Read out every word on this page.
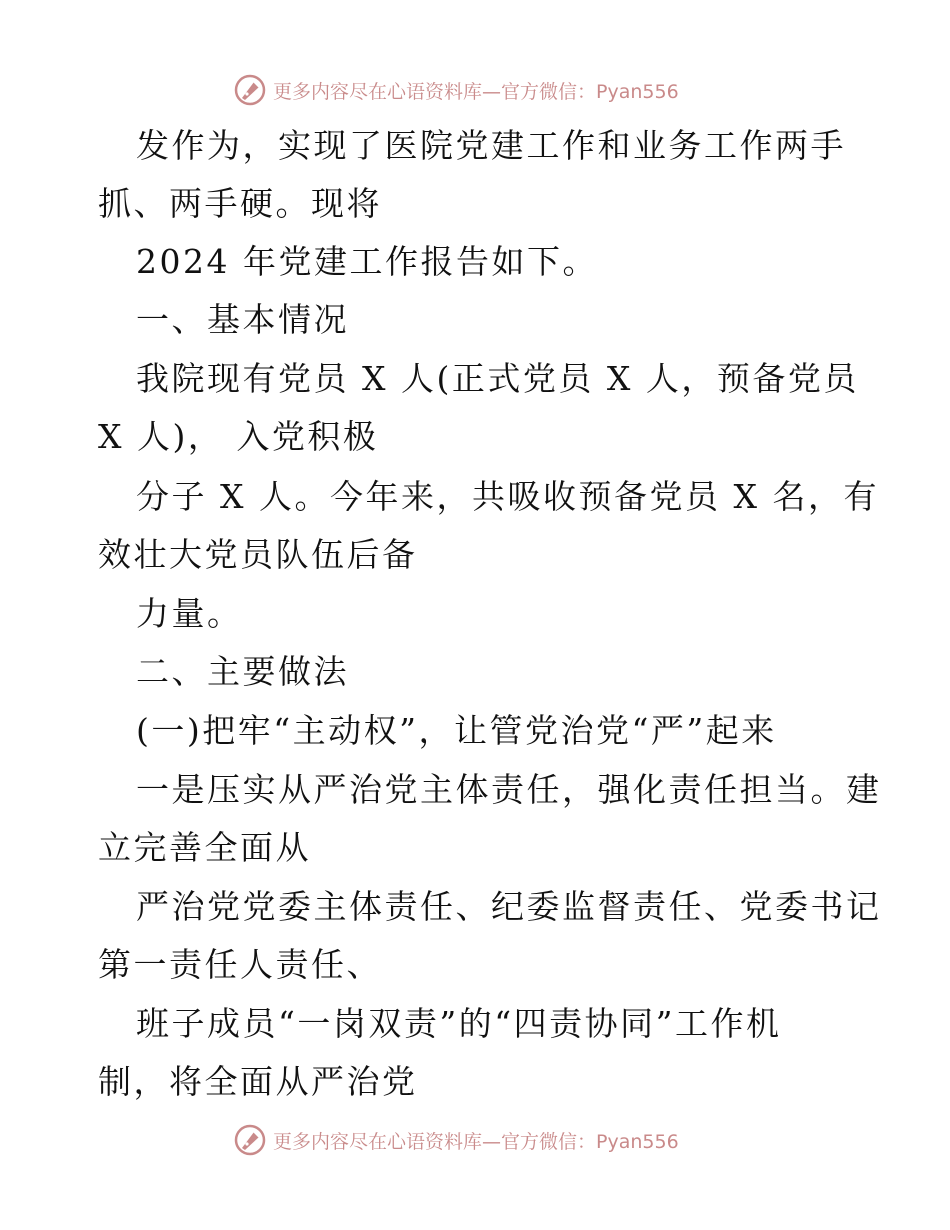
更多内容尽在心语资料库—官方微信：Pyan556
发作为，实现了医院党建工作和业务工作两手
抓、两手硬。现将
2024 年党建工作报告如下。
一、基本情况
我院现有党员 X 人(正式党员 X 人，预备党员
X 人)， 入党积极
分子 X 人。今年来，共吸收预备党员 X 名，有
效壮大党员队伍后备
力量。
二、主要做法
(一)把牢“主动权”，让管党治党“严”起来
一是压实从严治党主体责任，强化责任担当。建
立完善全面从
严治党党委主体责任、纪委监督责任、党委书记
第一责任人责任、
班子成员“一岗双责”的“四责协同”工作机
制，将全面从严治党
更多内容尽在心语资料库—官方微信：Pyan556
